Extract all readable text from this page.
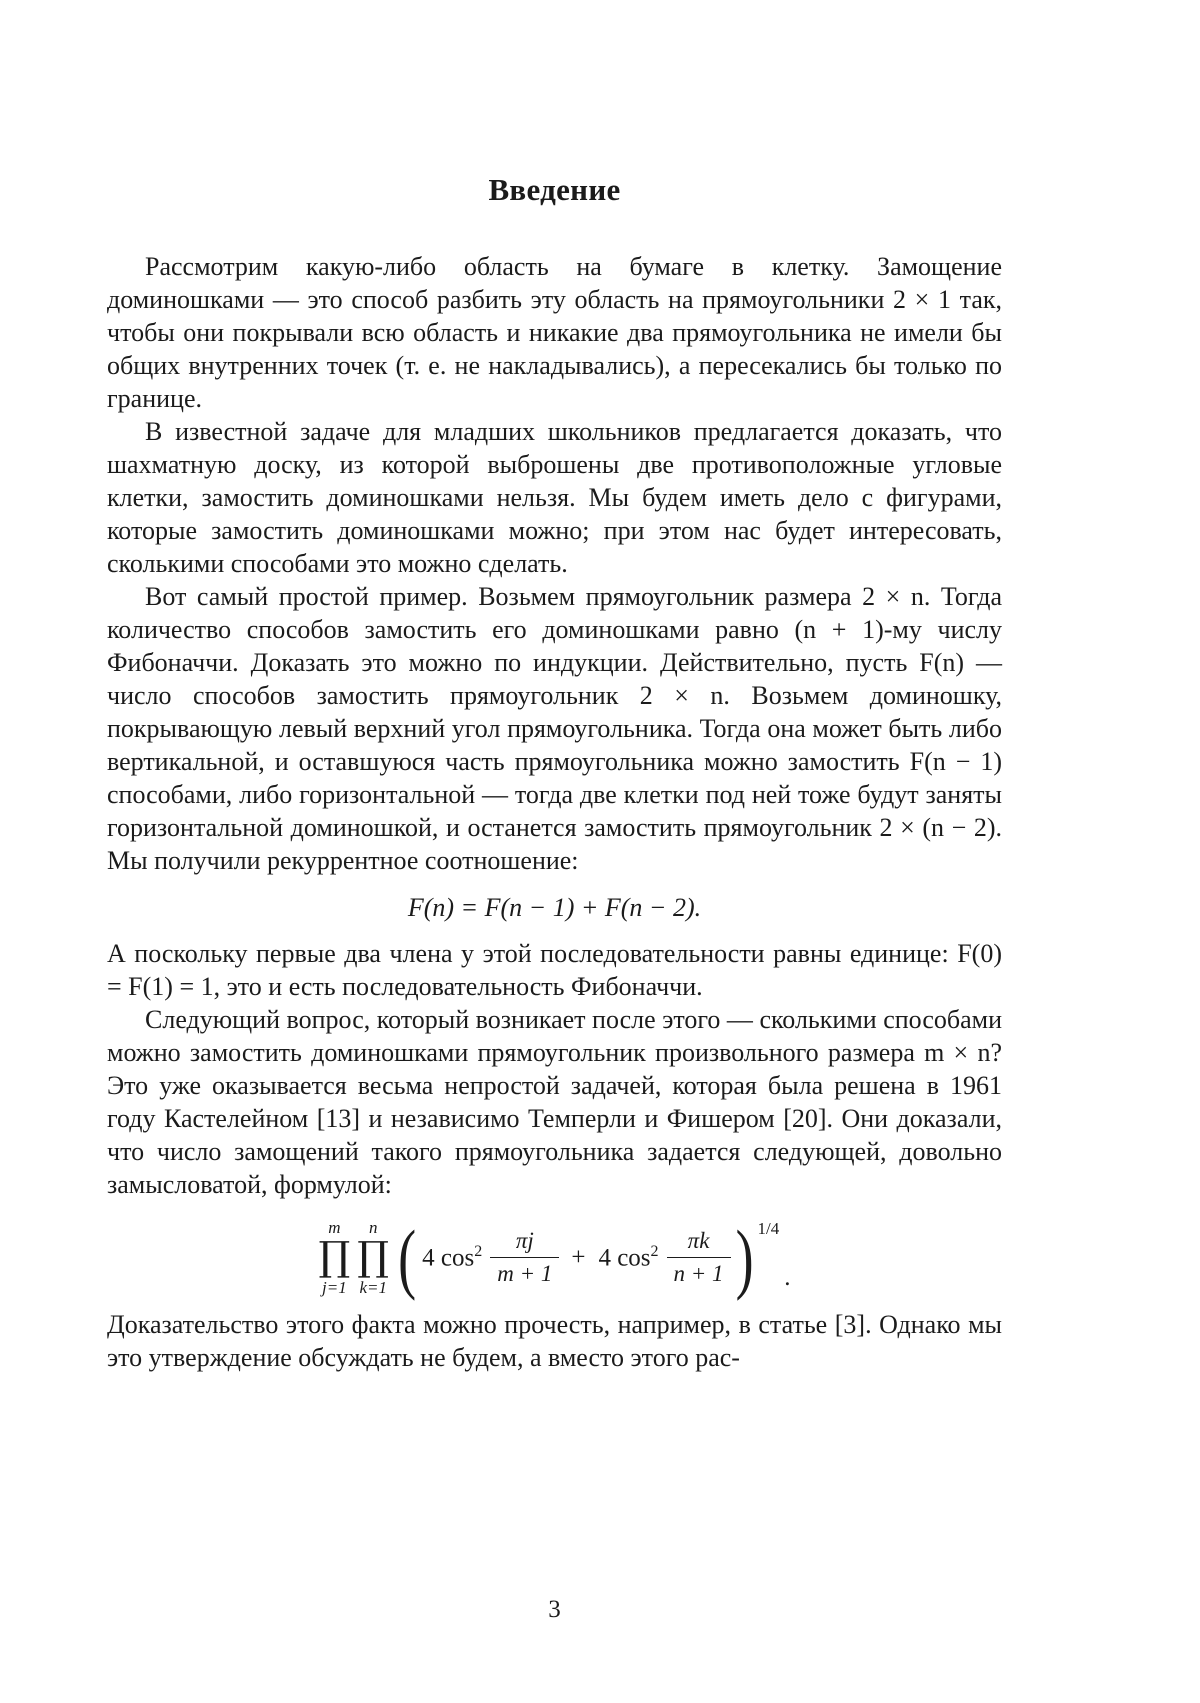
Введение

Рассмотрим какую-либо область на бумаге в клетку. Замощение доминошками — это способ разбить эту область на прямоугольники 2 × 1 так, чтобы они покрывали всю область и никакие два прямоугольника не имели бы общих внутренних точек (т. е. не накладывались), а пересекались бы только по границе.

В известной задаче для младших школьников предлагается доказать, что шахматную доску, из которой выброшены две противоположные угловые клетки, замостить доминошками нельзя. Мы будем иметь дело с фигурами, которые замостить доминошками можно; при этом нас будет интересовать, сколькими способами это можно сделать.

Вот самый простой пример. Возьмем прямоугольник размера 2 × n. Тогда количество способов замостить его доминошками равно (n + 1)-му числу Фибоначчи. Доказать это можно по индукции. Действительно, пусть F(n) — число способов замостить прямоугольник 2 × n. Возьмем доминошку, покрывающую левый верхний угол прямоугольника. Тогда она может быть либо вертикальной, и оставшуюся часть прямоугольника можно замостить F(n − 1) способами, либо горизонтальной — тогда две клетки под ней тоже будут заняты горизонтальной доминошкой, и останется замостить прямоугольник 2 × (n − 2). Мы получили рекуррентное соотношение:

F(n) = F(n − 1) + F(n − 2).

А поскольку первые два члена у этой последовательности равны единице: F(0) = F(1) = 1, это и есть последовательность Фибоначчи.

Следующий вопрос, который возникает после этого — сколькими способами можно замостить доминошками прямоугольник произвольного размера m × n? Это уже оказывается весьма непростой задачей, которая была решена в 1961 году Кастелейном [13] и независимо Темперли и Фишером [20]. Они доказали, что число замощений такого прямоугольника задается следующей, довольно замысловатой, формулой:

m
∏
j=1
n
∏
k=1 ( 4 $\cos^2 \frac{\pi j}{m + 1} + 4$ $\cos^2 \frac{\pi k}{n + 1}$ ) 1/4
.

Доказательство этого факта можно прочесть, например, в статье [3]. Однако мы это утверждение обсуждать не будем, а вместо этого рас-

3
